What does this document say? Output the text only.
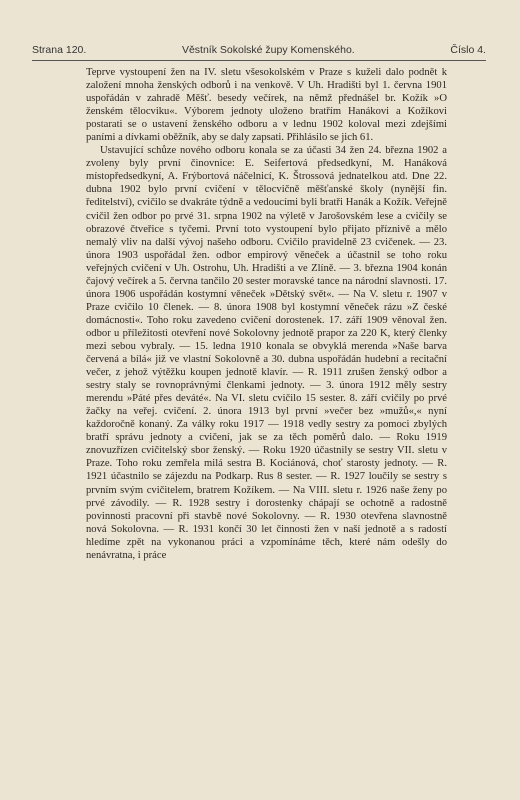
Strana 120.	Věstník Sokolské župy Komenského.	Číslo 4.

Teprve vystoupení žen na IV. sletu všesokolském v Praze s kuželi dalo podnět k založení mnoha ženských odborů i na venkově. V Uh. Hradišti byl 1. června 1901 uspořádán v zahradě Měšť. besedy večírek, na němž přednášel br. Kožík »O ženském tělocviku«. Výborem jednoty uloženo bratřím Hanákovi a Kožíkovi postarati se o ustavení ženského odboru a v lednu 1902 koloval mezi zdejšími paními a dívkami oběžník, aby se daly zapsati. Přihlásilo se jich 61.

Ustavující schůze nového odboru konala se za účasti 34 žen 24. března 1902 a zvoleny byly první činovnice: E. Seifertová předsedkyní, M. Hanáková místopředsedkyní, A. Frýbortová náčelnicí, K. Štrossová jednatelkou atd. Dne 22. dubna 1902 bylo první cvičení v tělocvičně měšťanské školy (nynější fin. ředitelství), cvičilo se dvakráte týdně a vedoucími byli bratři Hanák a Kožík. Veřejně cvičil žen odbor po prvé 31. srpna 1902 na výletě v Jarošovském lese a cvičily se obrazové čtveřice s tyčemi. První toto vystoupení bylo přijato příznivě a mělo nemalý vliv na další vývoj našeho odboru. Cvičilo pravidelně 23 cvičenek. — 23. února 1903 uspořádal žen. odbor empirový věneček a účastnil se toho roku veřejných cvičení v Uh. Ostrohu, Uh. Hradišti a ve Zlíně. — 3. března 1904 konán čajový večírek a 5. června tančilo 20 sester moravské tance na národní slavnosti. 17. února 1906 uspořádán kostymní věneček »Dětský svět«. — Na V. sletu r. 1907 v Praze cvičilo 10 členek. — 8. února 1908 byl kostymní věneček rázu »Z české domácnosti«. Toho roku zavedeno cvičení dorostenek. 17. září 1909 věnoval žen. odbor u příležitosti otevření nové Sokolovny jednotě prapor za 220 K, který členky mezi sebou vybraly. — 15. ledna 1910 konala se obvyklá merenda »Naše barva červená a bílá« již ve vlastní Sokolovně a 30. dubna uspořádán hudební a recitační večer, z jehož výtěžku koupen jednotě klavír. — R. 1911 zrušen ženský odbor a sestry staly se rovnoprávnými členkami jednoty. — 3. února 1912 měly sestry merendu »Páté přes deváté«. Na VI. sletu cvičilo 15 sester. 8. září cvičily po prvé žačky na veřej. cvičení. 2. února 1913 byl první »večer bez »mužů«,« nyní každoročně konaný. Za války roku 1917 — 1918 vedly sestry za pomoci zbylých bratří správu jednoty a cvičení, jak se za těch poměrů dalo. — Roku 1919 znovuzřízen cvičitelský sbor ženský. — Roku 1920 účastnily se sestry VII. sletu v Praze. Toho roku zemřela milá sestra B. Kociánová, choť starosty jednoty. — R. 1921 účastnilo se zájezdu na Podkarp. Rus 8 sester. — R. 1927 loučily se sestry s prvním svým cvičitelem, bratrem Kožíkem. — Na VIII. sletu r. 1926 naše ženy po prvé závodily. — R. 1928 sestry i dorostenky chápají se ochotně a radostně povinnosti pracovní při stavbě nové Sokolovny. — R. 1930 otevřena slavnostně nová Sokolovna. — R. 1931 končí 30 let činnosti žen v naší jednotě a s radostí hledíme zpět na vykonanou práci a vzpomínáme těch, které nám odešly do nenávratna, i práce
